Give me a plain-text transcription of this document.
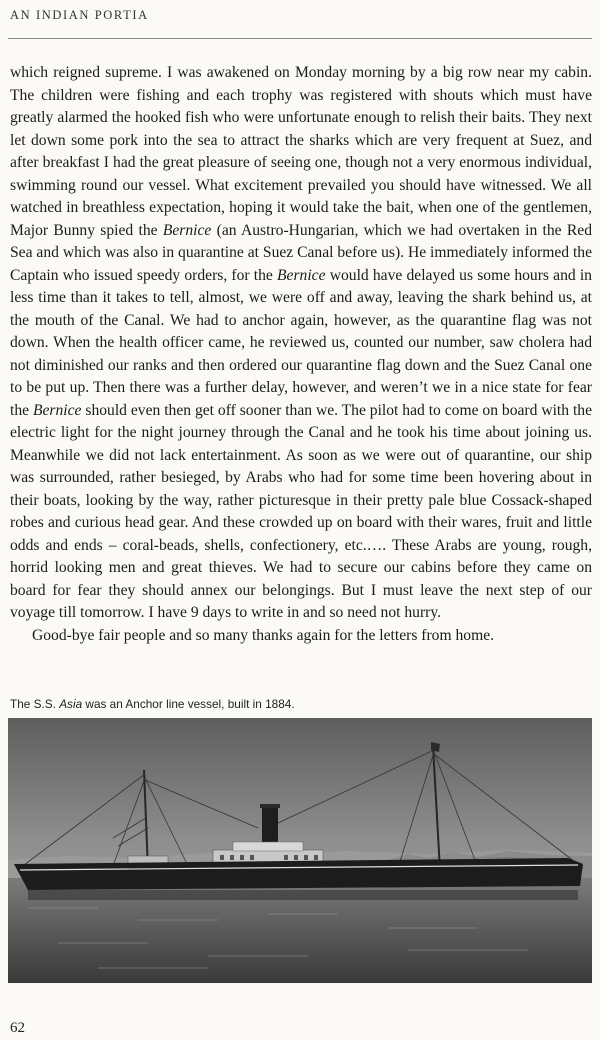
AN INDIAN PORTIA

which reigned supreme. I was awakened on Monday morning by a big row near my cabin. The children were fishing and each trophy was registered with shouts which must have greatly alarmed the hooked fish who were unfortunate enough to relish their baits. They next let down some pork into the sea to attract the sharks which are very frequent at Suez, and after breakfast I had the great pleasure of seeing one, though not a very enormous individual, swimming round our vessel. What excitement prevailed you should have witnessed. We all watched in breathless expectation, hoping it would take the bait, when one of the gentlemen, Major Bunny spied the Bernice (an Austro-Hungarian, which we had overtaken in the Red Sea and which was also in quarantine at Suez Canal before us). He immediately informed the Captain who issued speedy orders, for the Bernice would have delayed us some hours and in less time than it takes to tell, almost, we were off and away, leaving the shark behind us, at the mouth of the Canal. We had to anchor again, however, as the quarantine flag was not down. When the health officer came, he reviewed us, counted our number, saw cholera had not diminished our ranks and then ordered our quarantine flag down and the Suez Canal one to be put up. Then there was a further delay, however, and weren’t we in a nice state for fear the Bernice should even then get off sooner than we. The pilot had to come on board with the electric light for the night journey through the Canal and he took his time about joining us. Meanwhile we did not lack entertainment. As soon as we were out of quarantine, our ship was surrounded, rather besieged, by Arabs who had for some time been hovering about in their boats, looking by the way, rather picturesque in their pretty pale blue Cossack-shaped robes and curious head gear. And these crowded up on board with their wares, fruit and little odds and ends – coral-beads, shells, confectionery, etc.…. These Arabs are young, rough, horrid looking men and great thieves. We had to secure our cabins before they came on board for fear they should annex our belongings. But I must leave the next step of our voyage till tomorrow. I have 9 days to write in and so need not hurry.

Good-bye fair people and so many thanks again for the letters from home.

The S.S. Asia was an Anchor line vessel, built in 1884.
62
